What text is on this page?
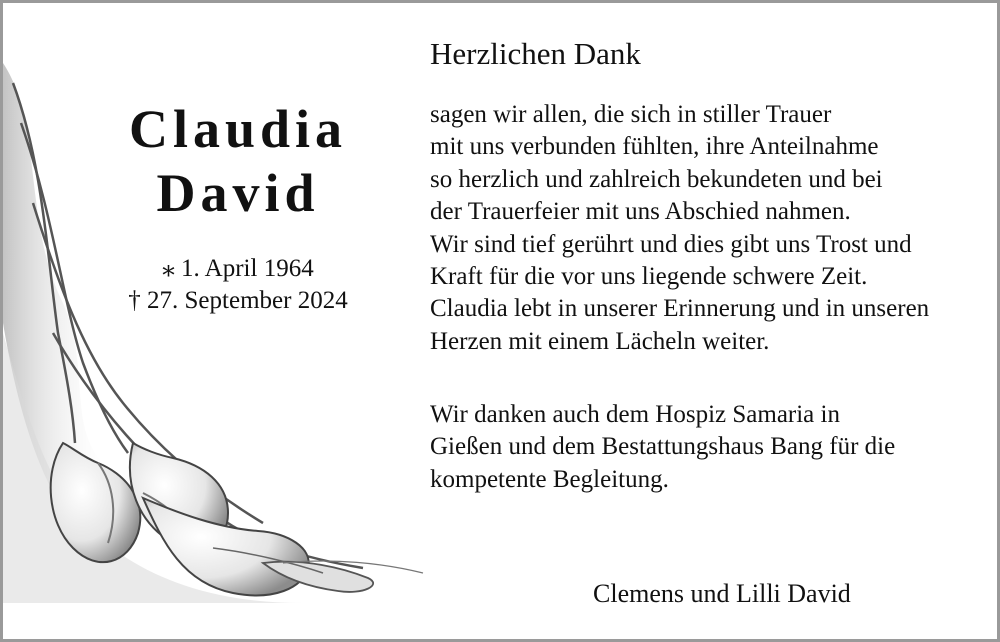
Claudia
David
⁎ 1. April 1964
† 27. September 2024
Herzlichen Dank
sagen wir allen, die sich in stiller Trauer
mit uns verbunden fühlten, ihre Anteilnahme
so herzlich und zahlreich bekundeten und bei
der Trauerfeier mit uns Abschied nahmen.
Wir sind tief gerührt und dies gibt uns Trost und
Kraft für die vor uns liegende schwere Zeit.
Claudia lebt in unserer Erinnerung und in unseren
Herzen mit einem Lächeln weiter.
Wir danken auch dem Hospiz Samaria in
Gießen und dem Bestattungshaus Bang für die
kompetente Begleitung.
Clemens und Lilli David
